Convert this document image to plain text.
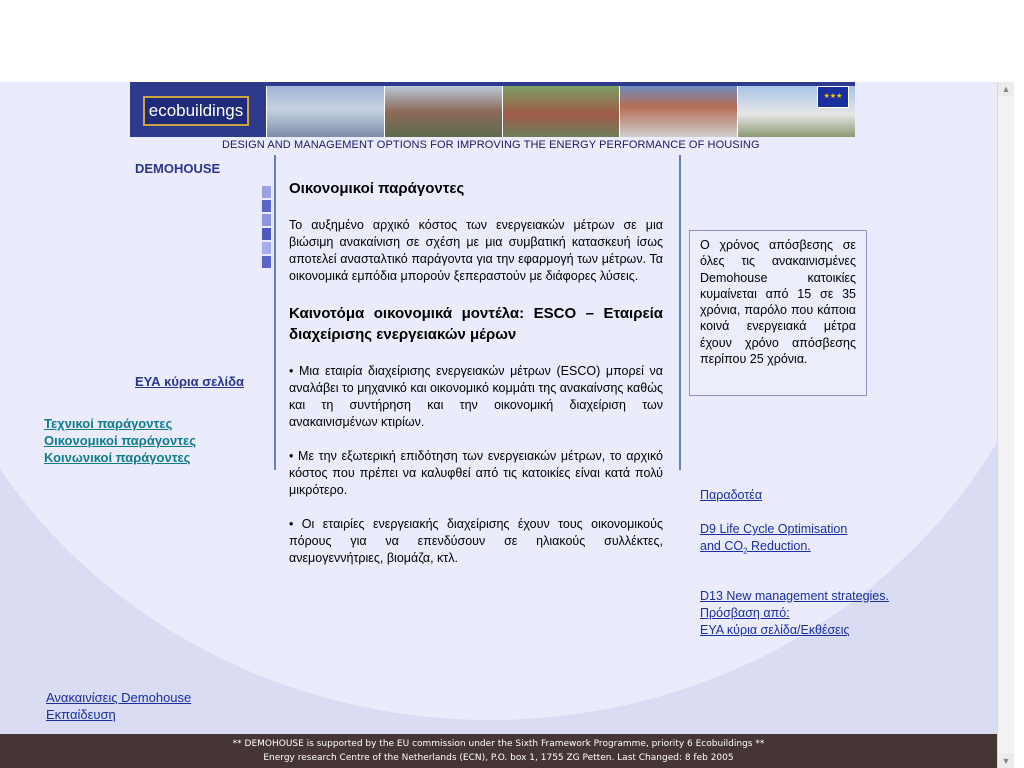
ecobuildings
★★★
DESIGN AND MANAGEMENT OPTIONS FOR IMPROVING THE ENERGY PERFORMANCE OF HOUSING
DEMOHOUSE
ΕΥΑ κύρια σελίδα
Τεχνικοί παράγοντες
Οικονομικοί παράγοντες
Κοινωνικοί παράγοντες
Οικονομικοί παράγοντες

Το αυξημένο αρχικό κόστος των ενεργειακών μέτρων σε μια βιώσιμη ανακαίνιση σε σχέση με μια συμβατική κατασκευή ίσως αποτελεί ανασταλτικό παράγοντα για την εφαρμογή των μέτρων. Τα οικονομικά εμπόδια μπορούν ξεπεραστούν με διάφορες λύσεις.

Καινοτόμα οικονομικά μοντέλα: ESCO – Εταιρεία διαχείρισης ενεργειακών μέρων

• Μια εταιρία διαχείρισης ενεργειακών μέτρων (ESCO) μπορεί να αναλάβει το μηχανικό και οικονομικό κομμάτι της ανακαίνσης καθώς και τη συντήρηση και την οικονομική διαχείριση των ανακαινισμένων κτιρίων.

• Με την εξωτερική επιδότηση των ενεργειακών μέτρων, το αρχικό κόστος που πρέπει να καλυφθεί από τις κατοικίες είναι κατά πολύ μικρότερο.

• Οι εταιρίες ενεργειακής διαχείρισης έχουν τους οικονομικούς πόρους για να επενδύσουν σε ηλιακούς συλλέκτες, ανεμογεννήτριες, βιομάζα, κτλ.

Ο χρόνος απόσβεσης σε όλες τις ανακαινισμένες Demohouse κατοικίες κυμαίνεται από 15 σε 35 χρόνια, παρόλο που κάποια κοινά ενεργειακά μέτρα έχουν χρόνο απόσβεσης περίπου 25 χρόνια.
Παραδοτέα
D9 Life Cycle Optimisation
and $CO_2$ Reduction.
D13 New management strategies.
Πρόσβαση από:
ΕΥΑ κύρια σελίδα/Εκθέσεις
Ανακαινίσεις Demohouse
Εκπαίδευση
** DEMOHOUSE is supported by the EU commission under the Sixth Framework Programme, priority 6 Ecobuildings **
Energy research Centre of the Netherlands (ECN), P.O. box 1, 1755 ZG Petten. Last Changed: 8 feb 2005
▲
▼
